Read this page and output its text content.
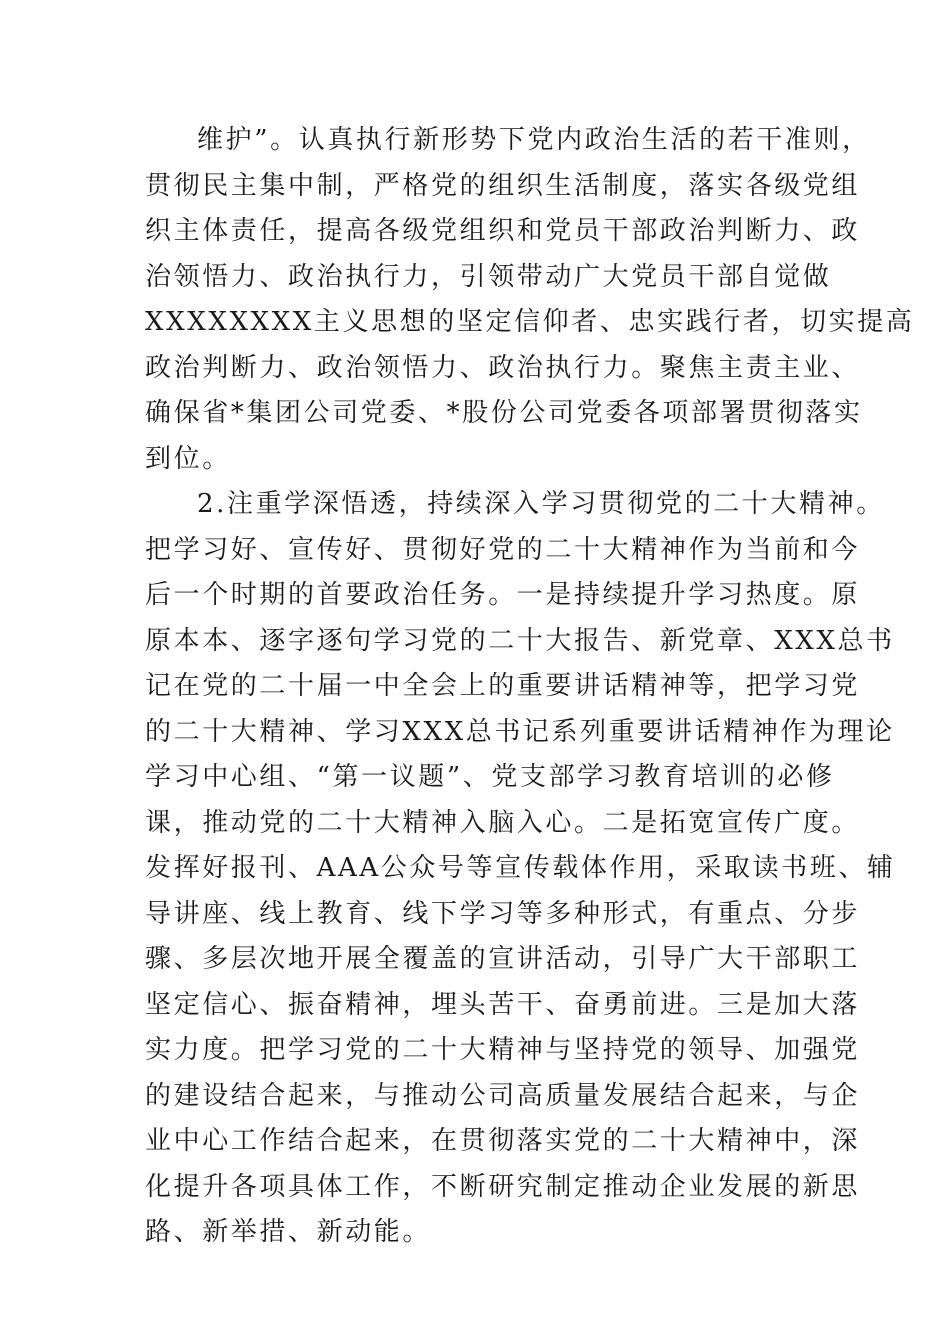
维护”。认真执行新形势下党内政治生活的若干准则，
贯彻民主集中制，严格党的组织生活制度，落实各级党组
织主体责任，提高各级党组织和党员干部政治判断力、政
治领悟力、政治执行力，引领带动广大党员干部自觉做
XXXXXXXX主义思想的坚定信仰者、忠实践行者，切实提高
政治判断力、政治领悟力、政治执行力。聚焦主责主业、
确保省*集团公司党委、*股份公司党委各项部署贯彻落实
到位。
2.注重学深悟透，持续深入学习贯彻党的二十大精神。
把学习好、宣传好、贯彻好党的二十大精神作为当前和今
后一个时期的首要政治任务。一是持续提升学习热度。原
原本本、逐字逐句学习党的二十大报告、新党章、XXX总书
记在党的二十届一中全会上的重要讲话精神等，把学习党
的二十大精神、学习XXX总书记系列重要讲话精神作为理论
学习中心组、“第一议题”、党支部学习教育培训的必修
课，推动党的二十大精神入脑入心。二是拓宽宣传广度。
发挥好报刊、AAA公众号等宣传载体作用，采取读书班、辅
导讲座、线上教育、线下学习等多种形式，有重点、分步
骤、多层次地开展全覆盖的宣讲活动，引导广大干部职工
坚定信心、振奋精神，埋头苦干、奋勇前进。三是加大落
实力度。把学习党的二十大精神与坚持党的领导、加强党
的建设结合起来，与推动公司高质量发展结合起来，与企
业中心工作结合起来，在贯彻落实党的二十大精神中，深
化提升各项具体工作，不断研究制定推动企业发展的新思
路、新举措、新动能。
